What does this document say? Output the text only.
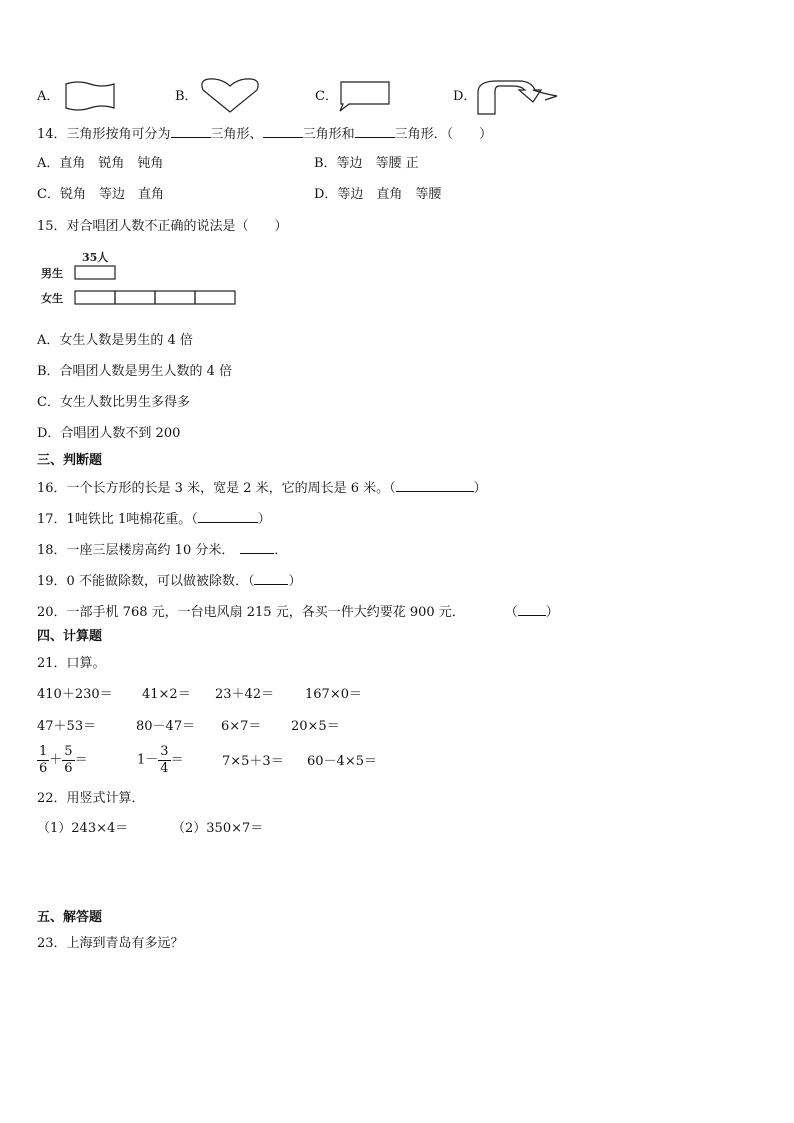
A．	B．	C．	D．
14．三角形按角可分为	三角形、	三角形和	三角形．（　　）
A．直角　锐角　钝角	B．等边　等腰 正
C．锐角　等边　直角	D．等边　直角　等腰
15．对合唱团人数不正确的说法是（　　）
35人
男生
女生
A．女生人数是男生的 4 倍
B．合唱团人数是男生人数的 4 倍
C．女生人数比男生多得多
D．合唱团人数不到 200
三、判断题
16．一个长方形的长是 3 米，宽是 2 米，它的周长是 6 米。（	）
17．1吨铁比 1吨棉花重。（	）
18．一座三层楼房高约 10 分米．	．
19．0 不能做除数，可以做被除数．（	）
20．一部手机 768 元，一台电风扇 215 元，各买一件大约要花 900 元．	（ ）
四、计算题
21．口算。
410＋230＝ 41×2＝ 23＋42＝ 167×0＝
47＋53＝	80－47＝ 6×7＝ 20×5＝
$\frac{1}{6} + \frac{5}{6}$ ＝	$1- \frac{3}{4}$ ＝	7×5＋3＝ 60－4×5＝
22．用竖式计算．
（1）243×4＝	（2）350×7＝
五、解答题
23．上海到青岛有多远？
